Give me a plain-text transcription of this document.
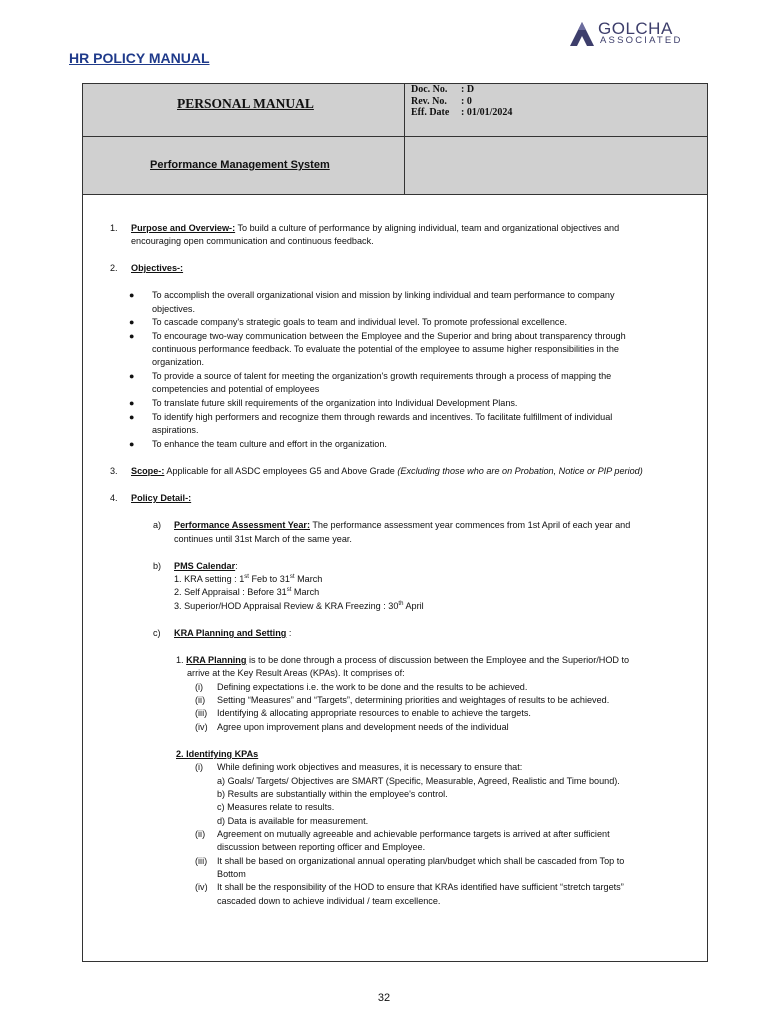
GOLCHA
ASSOCIATED
HR POLICY MANUAL
PERSONAL MANUAL
Doc. No.	: D
Rev. No.	: 0
Eff. Date	: 01/01/2024
Performance Management System
1. Purpose and Overview-: To build a culture of performance by aligning individual, team and organizational objectives and
encouraging open communication and continuous feedback.
2. Objectives-:
● To accomplish the overall organizational vision and mission by linking individual and team performance to company
objectives.
● To cascade company's strategic goals to team and individual level. To promote professional excellence.
● To encourage two-way communication between the Employee and the Superior and bring about transparency through
continuous performance feedback. To evaluate the potential of the employee to assume higher responsibilities in the
organization.
● To provide a source of talent for meeting the organization's growth requirements through a process of mapping the
competencies and potential of employees
● To translate future skill requirements of the organization into Individual Development Plans.
● To identify high performers and recognize them through rewards and incentives. To facilitate fulfillment of individual
aspirations.
● To enhance the team culture and effort in the organization.
3. Scope-: Applicable for all ASDC employees G5 and Above Grade (Excluding those who are on Probation, Notice or PIP period)
4. Policy Detail-:
a) Performance Assessment Year: The performance assessment year commences from 1st April of each year and
continues until 31st March of the same year.
b) PMS Calendar:
1. KRA setting : 1st Feb to 31st March
2. Self Appraisal : Before 31st March
3. Superior/HOD Appraisal Review & KRA Freezing : 30th April
c) KRA Planning and Setting :
1. KRA Planning is to be done through a process of discussion between the Employee and the Superior/HOD to
arrive at the Key Result Areas (KPAs). It comprises of:
(i) Defining expectations i.e. the work to be done and the results to be achieved.
(ii) Setting “Measures” and “Targets”, determining priorities and weightages of results to be achieved.
(iii) Identifying & allocating appropriate resources to enable to achieve the targets.
(iv) Agree upon improvement plans and development needs of the individual
2. Identifying KPAs
(i) While defining work objectives and measures, it is necessary to ensure that:
a) Goals/ Targets/ Objectives are SMART (Specific, Measurable, Agreed, Realistic and Time bound).
b) Results are substantially within the employee's control.
c) Measures relate to results.
d) Data is available for measurement.
(ii) Agreement on mutually agreeable and achievable performance targets is arrived at after sufficient
discussion between reporting officer and Employee.
(iii) It shall be based on organizational annual operating plan/budget which shall be cascaded from Top to
Bottom
(iv) It shall be the responsibility of the HOD to ensure that KRAs identified have sufficient “stretch targets”
cascaded down to achieve individual / team excellence.
32
